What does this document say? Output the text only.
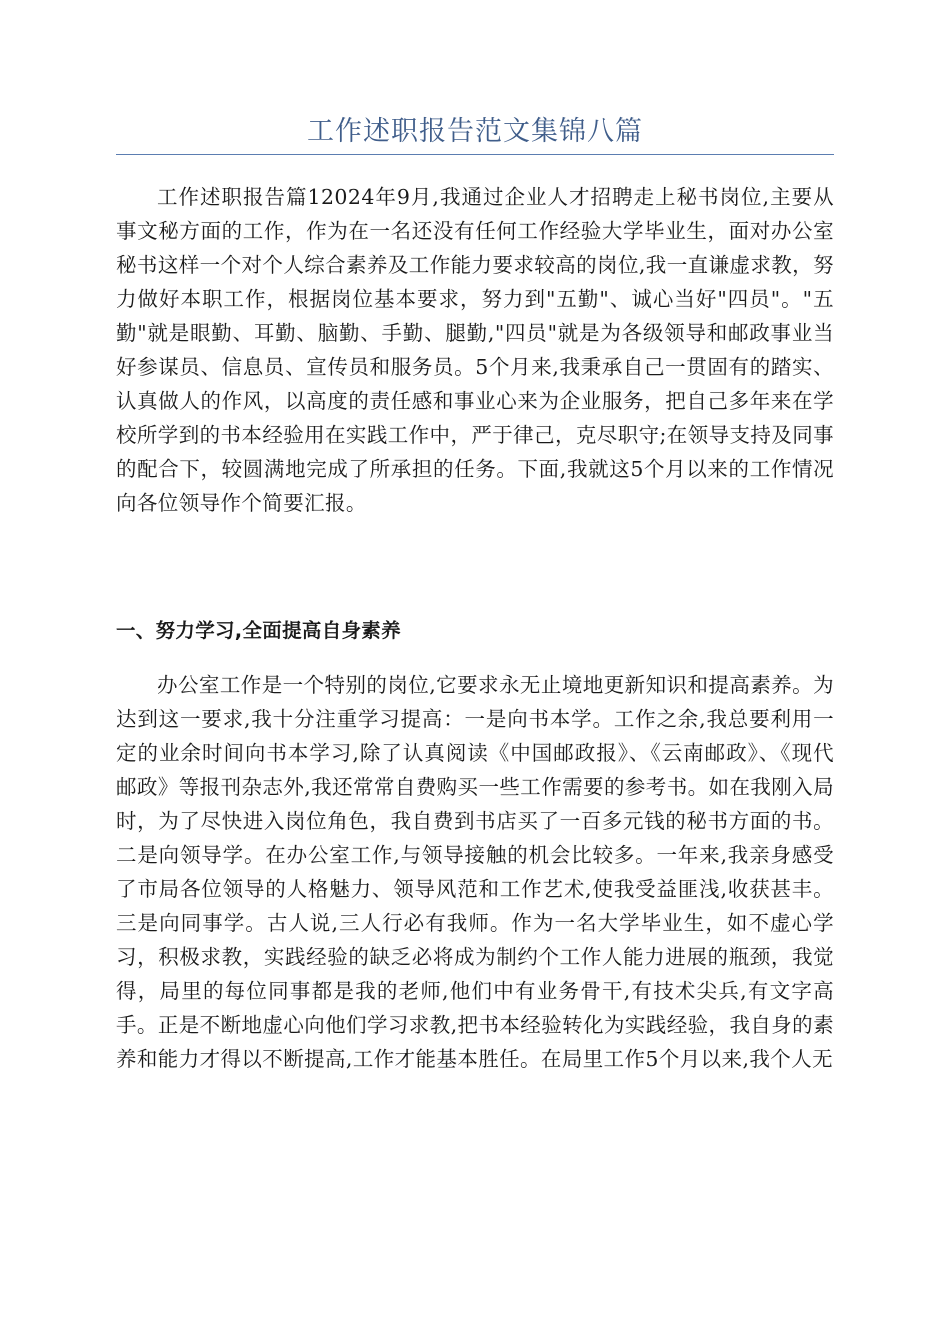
工作述职报告范文集锦八篇

工作述职报告篇12024年9月,我通过企业人才招聘走上秘书岗位,主要从事文秘方面的工作，作为在一名还没有任何工作经验大学毕业生，面对办公室秘书这样一个对个人综合素养及工作能力要求较高的岗位,我一直谦虚求教，努力做好本职工作，根据岗位基本要求，努力到"五勤"、诚心当好"四员"。"五勤"就是眼勤、耳勤、脑勤、手勤、腿勤,"四员"就是为各级领导和邮政事业当好参谋员、信息员、宣传员和服务员。5个月来,我秉承自己一贯固有的踏实、认真做人的作风，以高度的责任感和事业心来为企业服务，把自己多年来在学校所学到的书本经验用在实践工作中，严于律己，克尽职守;在领导支持及同事的配合下，较圆满地完成了所承担的任务。下面,我就这5个月以来的工作情况向各位领导作个简要汇报。

一、努力学习,全面提高自身素养

办公室工作是一个特别的岗位,它要求永无止境地更新知识和提高素养。为达到这一要求,我十分注重学习提高：一是向书本学。工作之余,我总要利用一定的业余时间向书本学习,除了认真阅读《中国邮政报》、《云南邮政》、《现代邮政》等报刊杂志外,我还常常自费购买一些工作需要的参考书。如在我刚入局时，为了尽快进入岗位角色，我自费到书店买了一百多元钱的秘书方面的书。二是向领导学。在办公室工作,与领导接触的机会比较多。一年来,我亲身感受了市局各位领导的人格魅力、领导风范和工作艺术,使我受益匪浅,收获甚丰。三是向同事学。古人说,三人行必有我师。作为一名大学毕业生，如不虚心学习，积极求教，实践经验的缺乏必将成为制约个工作人能力进展的瓶颈，我觉得，局里的每位同事都是我的老师,他们中有业务骨干,有技术尖兵,有文字高手。正是不断地虚心向他们学习求教,把书本经验转化为实践经验，我自身的素养和能力才得以不断提高,工作才能基本胜任。在局里工作5个月以来,我个人无
